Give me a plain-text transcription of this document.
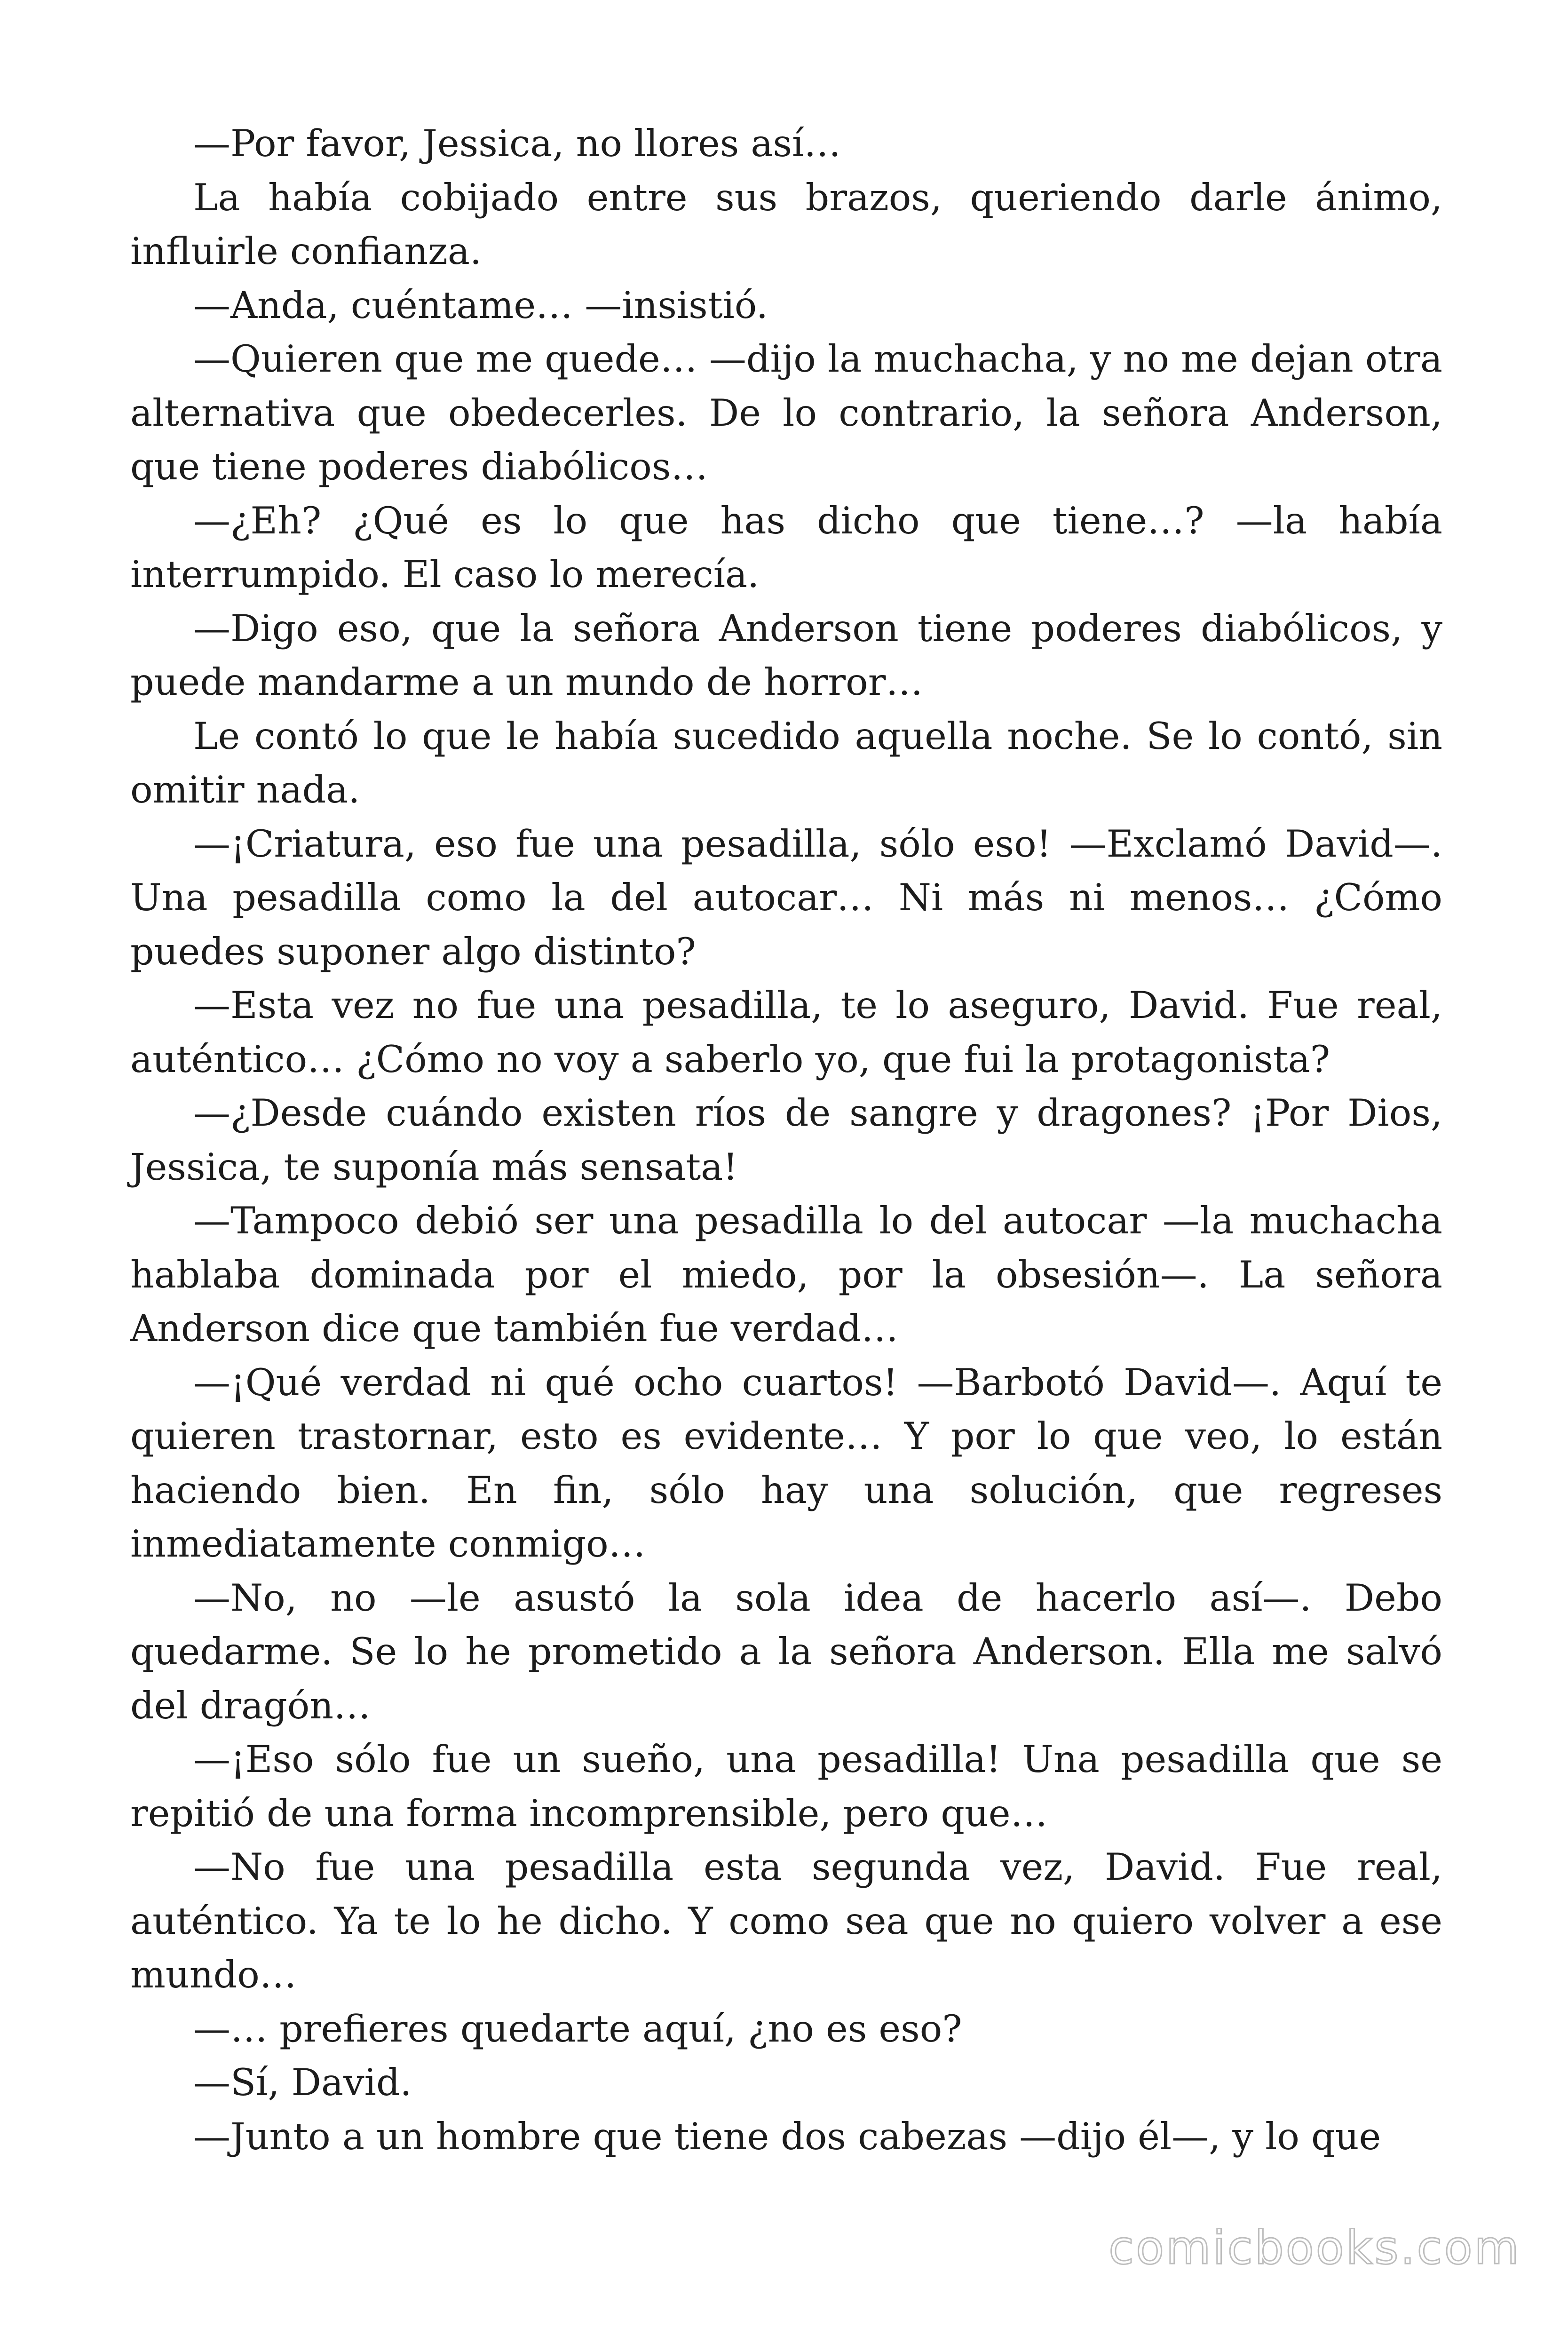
—Por favor, Jessica, no llores así…

La había cobijado entre sus brazos, queriendo darle ánimo, influirle confianza.

—Anda, cuéntame… —insistió.

—Quieren que me quede… —dijo la muchacha, y no me dejan otra alternativa que obedecerles. De lo contrario, la señora Anderson, que tiene poderes diabólicos…

—¿Eh? ¿Qué es lo que has dicho que tiene…? —la había interrumpido. El caso lo merecía.

—Digo eso, que la señora Anderson tiene poderes diabólicos, y puede mandarme a un mundo de horror…

Le contó lo que le había sucedido aquella noche. Se lo contó, sin omitir nada.

—¡Criatura, eso fue una pesadilla, sólo eso! —Exclamó David—. Una pesadilla como la del autocar… Ni más ni menos… ¿Cómo puedes suponer algo distinto?

—Esta vez no fue una pesadilla, te lo aseguro, David. Fue real, auténtico… ¿Cómo no voy a saberlo yo, que fui la protagonista?

—¿Desde cuándo existen ríos de sangre y dragones? ¡Por Dios, Jessica, te suponía más sensata!

—Tampoco debió ser una pesadilla lo del autocar —la muchacha hablaba dominada por el miedo, por la obsesión—. La señora Anderson dice que también fue verdad…

—¡Qué verdad ni qué ocho cuartos! —Barbotó David—. Aquí te quieren trastornar, esto es evidente… Y por lo que veo, lo están haciendo bien. En fin, sólo hay una solución, que regreses inmediatamente conmigo…

—No, no —le asustó la sola idea de hacerlo así—. Debo quedarme. Se lo he prometido a la señora Anderson. Ella me salvó del dragón…

—¡Eso sólo fue un sueño, una pesadilla! Una pesadilla que se repitió de una forma incomprensible, pero que…

—No fue una pesadilla esta segunda vez, David. Fue real, auténtico. Ya te lo he dicho. Y como sea que no quiero volver a ese mundo…

—… prefieres quedarte aquí, ¿no es eso?

—Sí, David.

—Junto a un hombre que tiene dos cabezas —dijo él—, y lo que

comicbooks.com
